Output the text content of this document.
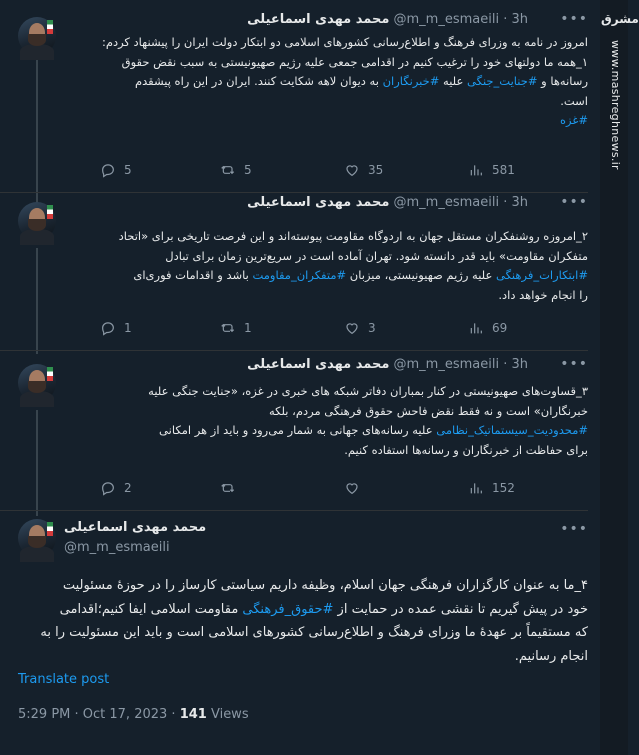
مشرق
www.mashreghnews.ir
محمد مهدی اسماعیلی @m_m_esmaeili · 3h •••
امروز در نامه به وزرای فرهنگ و اطلاع‌رسانی کشورهای اسلامی دو ابتکار دولت ایران را پیشنهاد کردم:
۱_همه ما دولتهای خود را ترغیب کنیم در اقدامی جمعی علیه رژیم صهیونیستی به سبب نقض حقوق
رسانه‌ها و #جنایت_جنگی علیه #خبرنگاران به دیوان لاهه شکایت کنند. ایران در این راه پیشقدم
است.
#غزه
5	5	35	581
محمد مهدی اسماعیلی @m_m_esmaeili · 3h •••
۲_امروزه روشنفکران مستقل جهان به اردوگاه مقاومت پیوسته‌اند و این فرصت تاریخی برای «اتحاد
متفکران مقاومت» باید قدر دانسته شود. تهران آماده است در سریع‌ترین زمان برای تبادل
#ابتکارات_فرهنگی علیه رژیم صهیونیستی، میزبان #متفکران_مقاومت باشد و اقدامات فوری‌ای
را انجام خواهد داد.
1	1	3	69
محمد مهدی اسماعیلی @m_m_esmaeili · 3h •••
۳_قساوت‌های صهیونیستی در کنار بمباران دفاتر شبکه های خبری در غزه، «جنایت جنگی علیه
خبرنگاران» است و نه فقط نقض فاحش حقوق فرهنگی مردم، بلکه
#محدودیت_سیستماتیک_نظامی علیه رسانه‌های جهانی به شمار می‌رود و باید از هر امکانی
برای حفاظت از خبرنگاران و رسانه‌ها استفاده کنیم.
2	152
محمد مهدی اسماعیلی
@m_m_esmaeili
•••
۴_ما به عنوان کارگزاران فرهنگی جهان اسلام، وظیفه داریم سیاستی کارساز را در حوزهٔ مسئولیت
خود در پیش گیریم تا نقشی عمده در حمایت از #حقوق_فرهنگی مقاومت اسلامی ایفا کنیم؛اقدامی
که مستقیماً بر عهدهٔ ما وزرای فرهنگ و اطلاع‌رسانی کشورهای اسلامی است و باید این مسئولیت را به
انجام رسانیم.
Translate post
5:29 PM · Oct 17, 2023 · 141 Views
